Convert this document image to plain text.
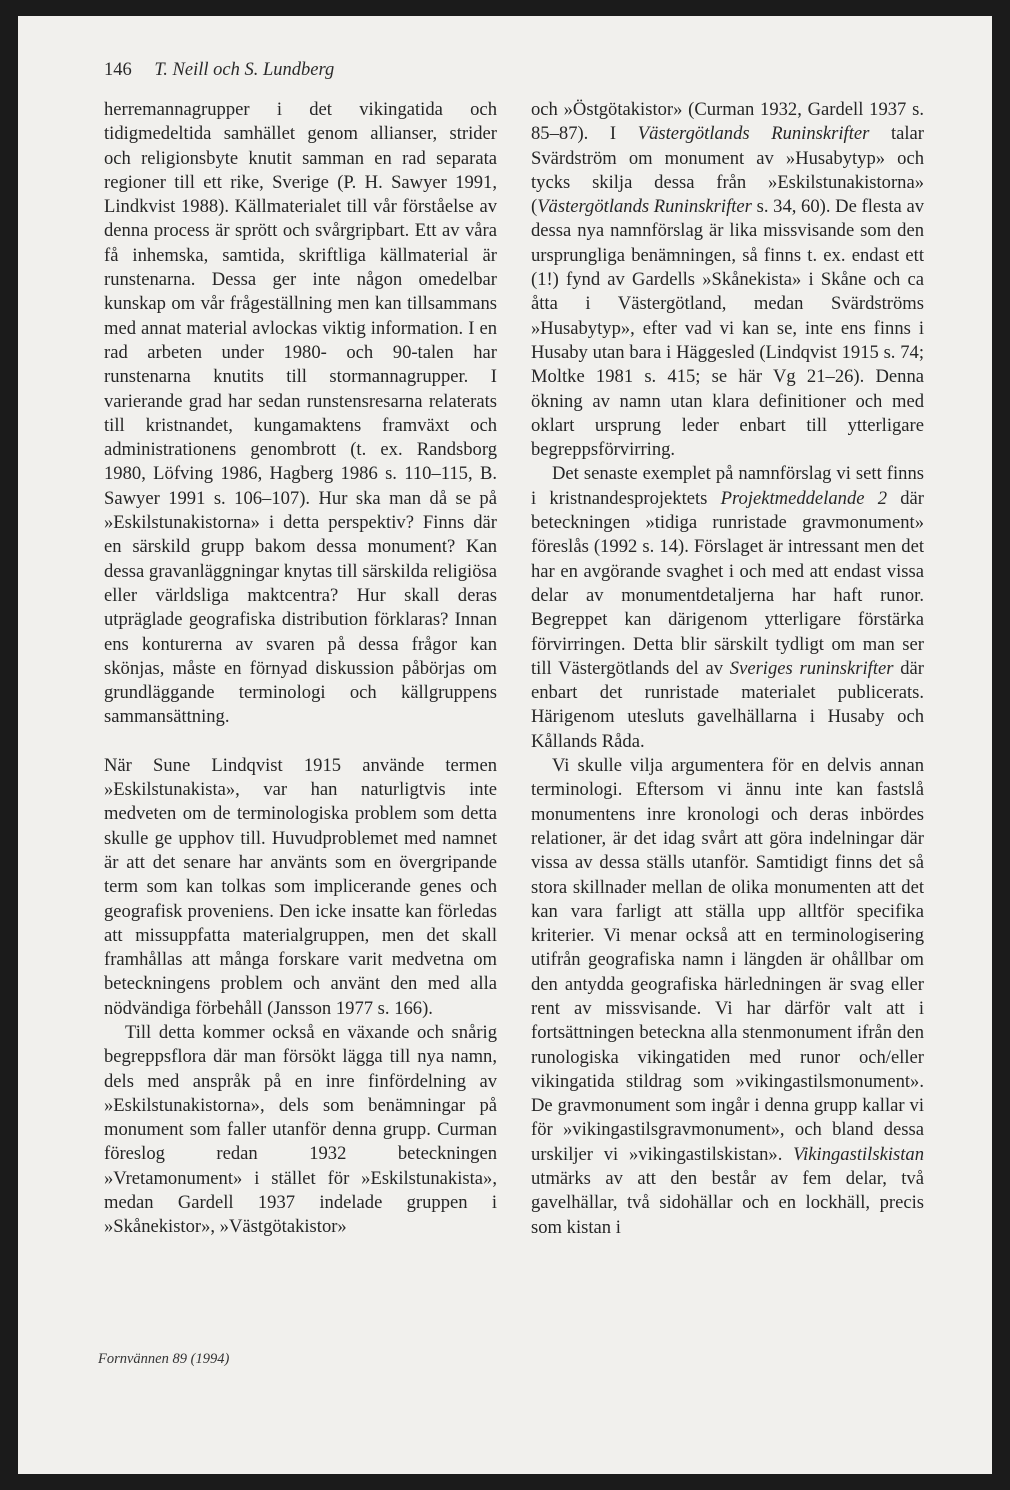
146 T. Neill och S. Lundberg

herremannagrupper i det vikingatida och tidigmedeltida samhället genom allianser, strider och religionsbyte knutit samman en rad separata regioner till ett rike, Sverige (P. H. Sawyer 1991, Lindkvist 1988). Källmaterialet till vår förståelse av denna process är sprött och svårgripbart. Ett av våra få inhemska, samtida, skriftliga källmaterial är runstenarna. Dessa ger inte någon omedelbar kunskap om vår frågeställning men kan tillsammans med annat material avlockas viktig information. I en rad arbeten under 1980- och 90-talen har runstenarna knutits till stormannagrupper. I varierande grad har sedan runstensresarna relaterats till kristnandet, kungamaktens framväxt och administrationens genombrott (t. ex. Randsborg 1980, Löfving 1986, Hagberg 1986 s. 110–115, B. Sawyer 1991 s. 106–107). Hur ska man då se på »Eskilstunakistorna» i detta perspektiv? Finns där en särskild grupp bakom dessa monument? Kan dessa gravanläggningar knytas till särskilda religiösa eller världsliga maktcentra? Hur skall deras utpräglade geografiska distribution förklaras? Innan ens konturerna av svaren på dessa frågor kan skönjas, måste en förnyad diskussion påbörjas om grundläggande terminologi och källgruppens sammansättning.

När Sune Lindqvist 1915 använde termen »Eskilstunakista», var han naturligtvis inte medveten om de terminologiska problem som detta skulle ge upphov till. Huvudproblemet med namnet är att det senare har använts som en övergripande term som kan tolkas som implicerande genes och geografisk proveniens. Den icke insatte kan förledas att missuppfatta materialgruppen, men det skall framhållas att många forskare varit medvetna om beteckningens problem och använt den med alla nödvändiga förbehåll (Jansson 1977 s. 166).

Till detta kommer också en växande och snårig begreppsflora där man försökt lägga till nya namn, dels med anspråk på en inre finfördelning av »Eskilstunakistorna», dels som benämningar på monument som faller utanför denna grupp. Curman föreslog redan 1932 beteckningen »Vretamonument» i stället för »Eskilstunakista», medan Gardell 1937 indelade gruppen i »Skånekistor», »Västgötakistor»

och »Östgötakistor» (Curman 1932, Gardell 1937 s. 85–87). I Västergötlands Runinskrifter talar Svärdström om monument av »Husabytyp» och tycks skilja dessa från »Eskilstunakistorna» (Västergötlands Runinskrifter s. 34, 60). De flesta av dessa nya namnförslag är lika missvisande som den ursprungliga benämningen, så finns t. ex. endast ett (1!) fynd av Gardells »Skånekista» i Skåne och ca åtta i Västergötland, medan Svärdströms »Husabytyp», efter vad vi kan se, inte ens finns i Husaby utan bara i Häggesled (Lindqvist 1915 s. 74; Moltke 1981 s. 415; se här Vg 21–26). Denna ökning av namn utan klara definitioner och med oklart ursprung leder enbart till ytterligare begreppsförvirring.

Det senaste exemplet på namnförslag vi sett finns i kristnandesprojektets Projektmeddelande 2 där beteckningen »tidiga runristade gravmonument» föreslås (1992 s. 14). Förslaget är intressant men det har en avgörande svaghet i och med att endast vissa delar av monumentdetaljerna har haft runor. Begreppet kan därigenom ytterligare förstärka förvirringen. Detta blir särskilt tydligt om man ser till Västergötlands del av Sveriges runinskrifter där enbart det runristade materialet publicerats. Härigenom utesluts gavelhällarna i Husaby och Kållands Råda.

Vi skulle vilja argumentera för en delvis annan terminologi. Eftersom vi ännu inte kan fastslå monumentens inre kronologi och deras inbördes relationer, är det idag svårt att göra indelningar där vissa av dessa ställs utanför. Samtidigt finns det så stora skillnader mellan de olika monumenten att det kan vara farligt att ställa upp alltför specifika kriterier. Vi menar också att en terminologisering utifrån geografiska namn i längden är ohållbar om den antydda geografiska härledningen är svag eller rent av missvisande. Vi har därför valt att i fortsättningen beteckna alla stenmonument ifrån den runologiska vikingatiden med runor och/eller vikingatida stildrag som »vikingastilsmonument». De gravmonument som ingår i denna grupp kallar vi för »vikingastilsgravmonument», och bland dessa urskiljer vi »vikingastilskistan». Vikingastilskistan utmärks av att den består av fem delar, två gavelhällar, två sidohällar och en lockhäll, precis som kistan i

Fornvännen 89 (1994)
